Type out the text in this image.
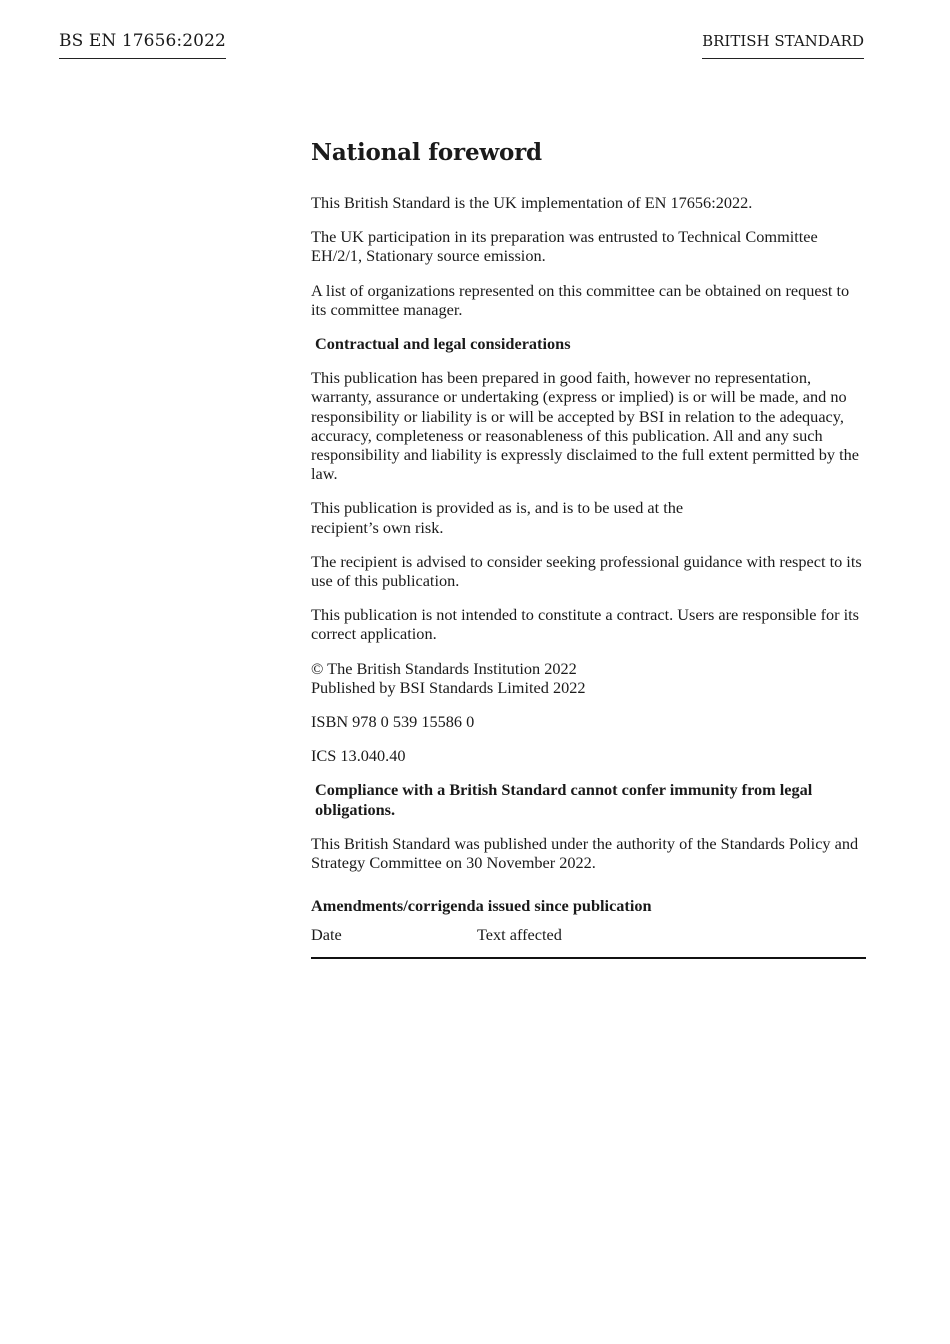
BS EN 17656:2022	BRITISH STANDARD
National foreword

This British Standard is the UK implementation of EN 17656:2022.

The UK participation in its preparation was entrusted to Technical Committee EH/2/1, Stationary source emission.

A list of organizations represented on this committee can be obtained on request to its committee manager.

Contractual and legal considerations

This publication has been prepared in good faith, however no representation, warranty, assurance or undertaking (express or implied) is or will be made, and no responsibility or liability is or will be accepted by BSI in relation to the adequacy, accuracy, completeness or reasonableness of this publication. All and any such responsibility and liability is expressly disclaimed to the full extent permitted by the law.

This publication is provided as is, and is to be used at the
recipient’s own risk.

The recipient is advised to consider seeking professional guidance with respect to its use of this publication.

This publication is not intended to constitute a contract. Users are responsible for its correct application.

© The British Standards Institution 2022
Published by BSI Standards Limited 2022

ISBN 978 0 539 15586 0

ICS 13.040.40

Compliance with a British Standard cannot confer immunity from legal obligations.

This British Standard was published under the authority of the Standards Policy and Strategy Committee on 30 November 2022.

Amendments/corrigenda issued since publication
Date	Text affected
